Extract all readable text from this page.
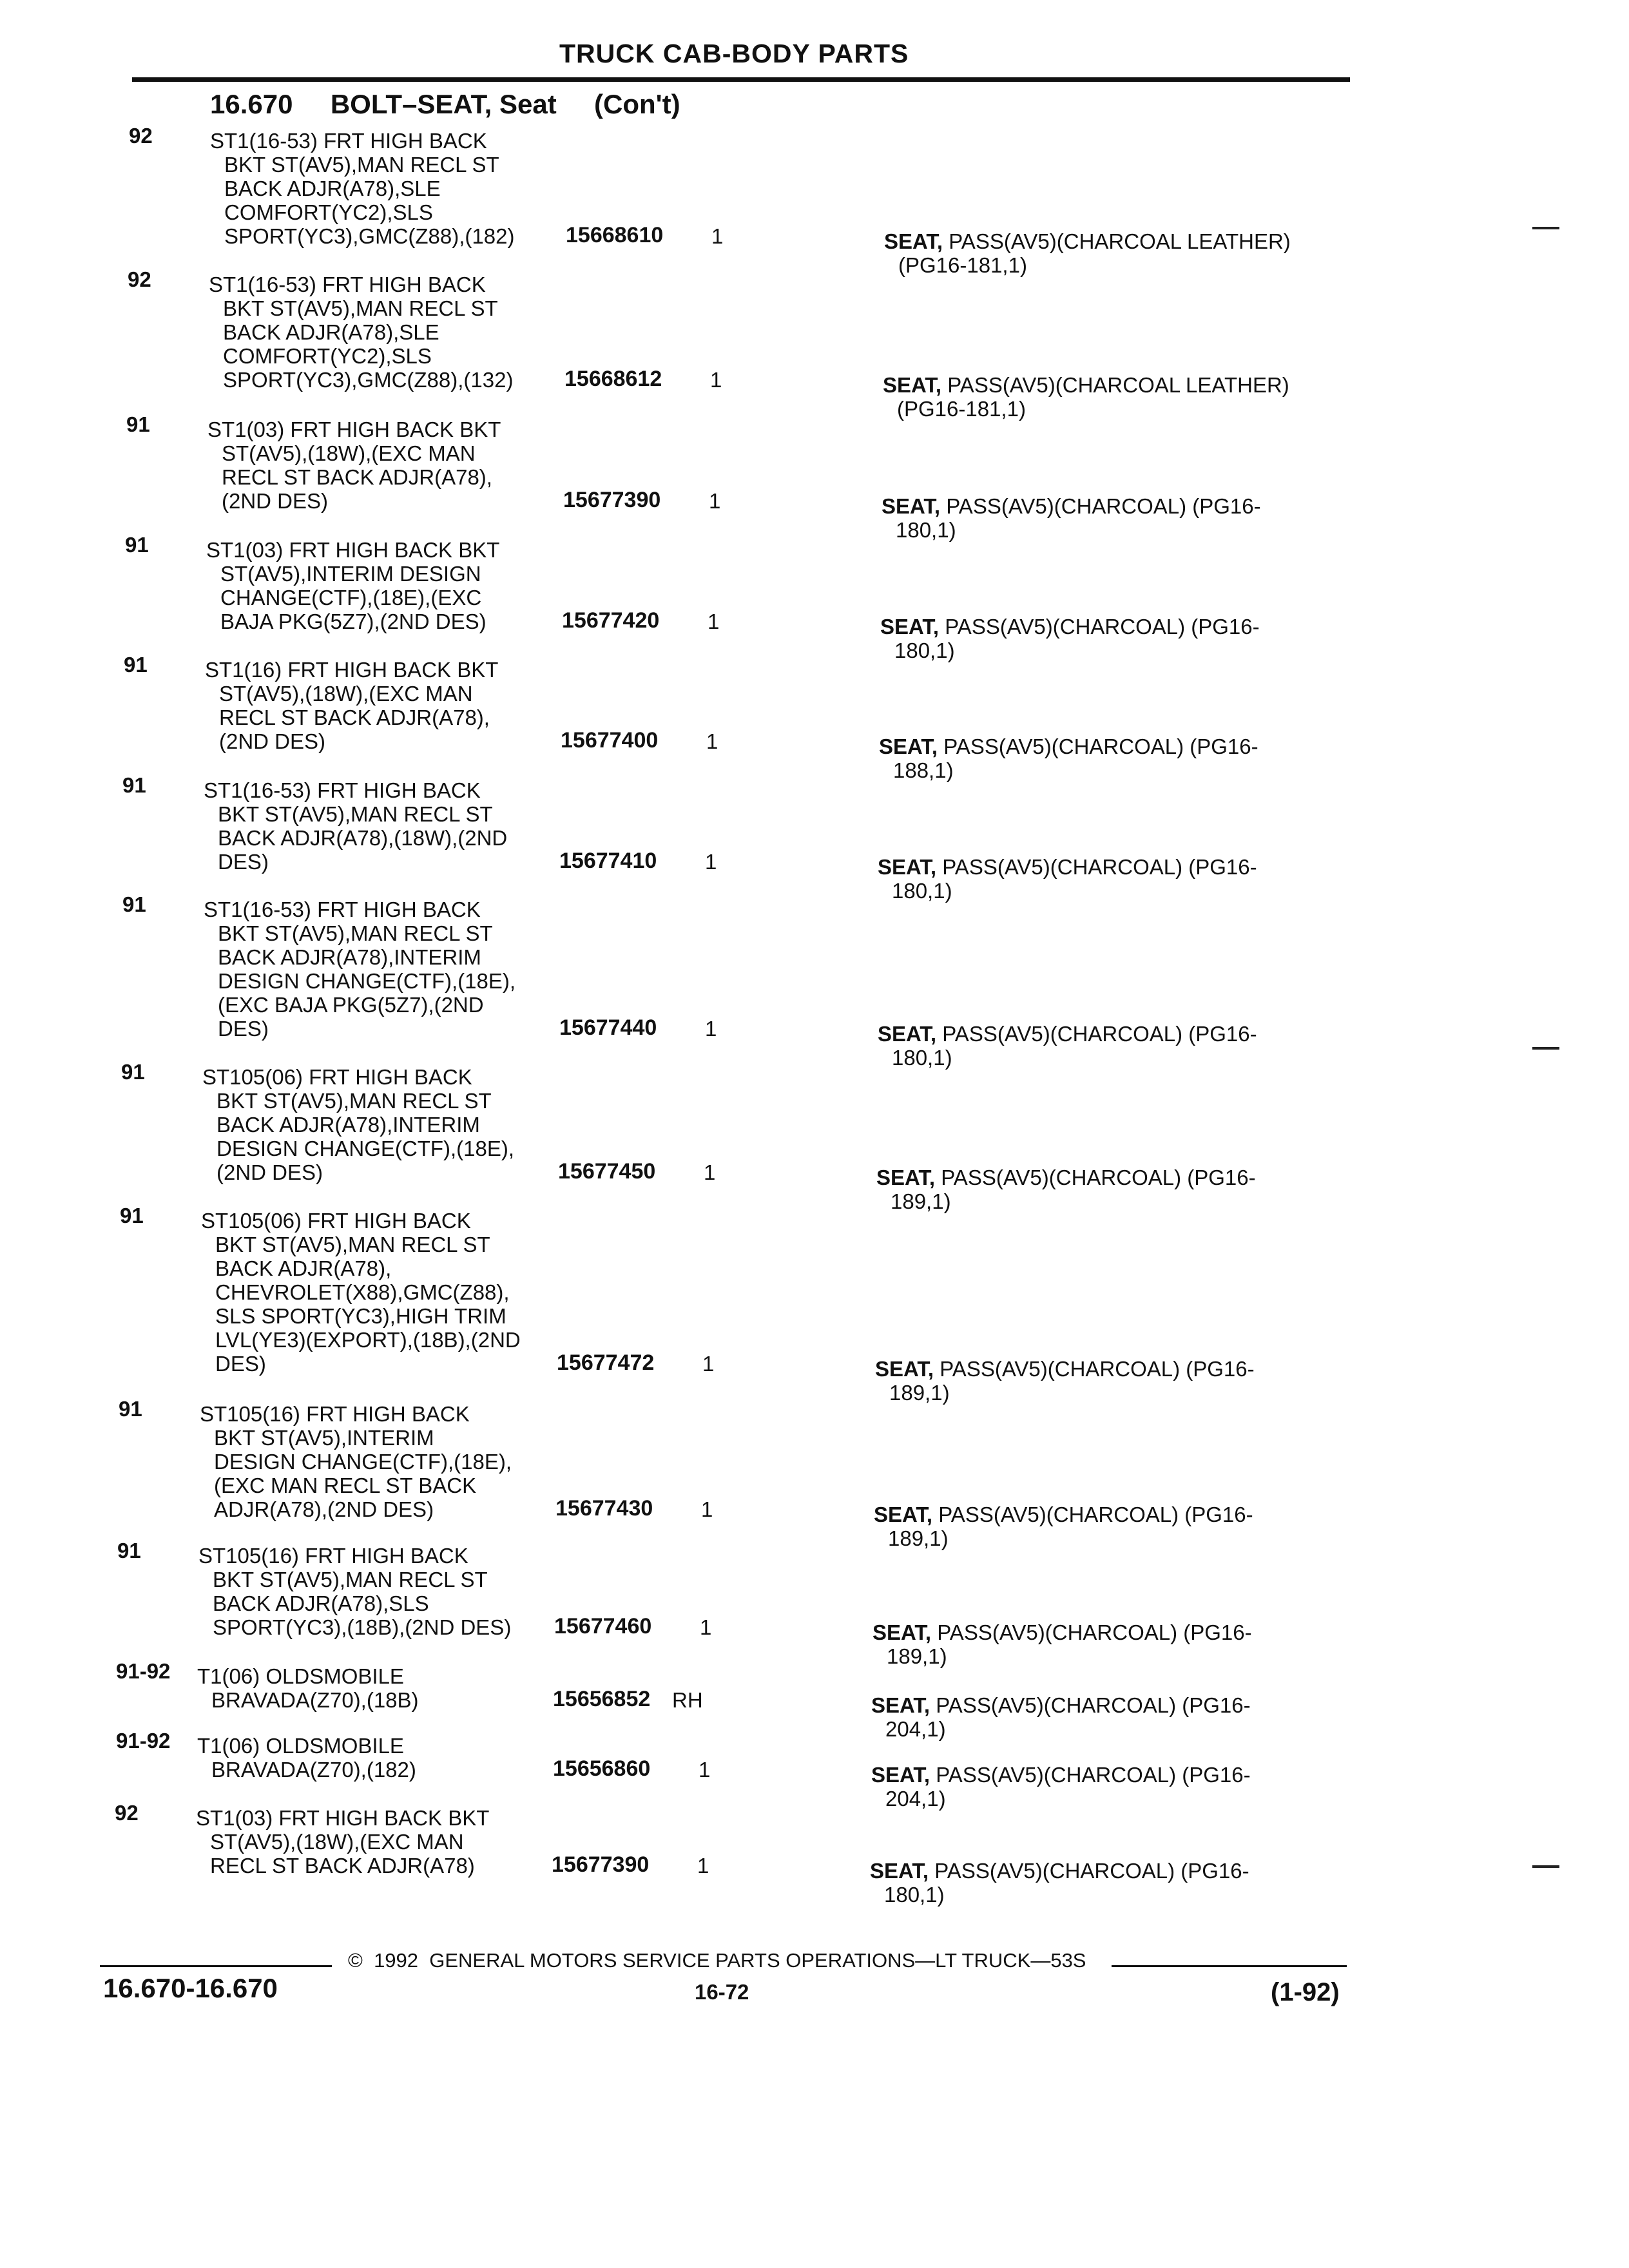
TRUCK CAB-BODY PARTS
16.670 BOLT–SEAT, Seat (Con't)
92	ST1(16-53) FRT HIGH BACK
BKT ST(AV5),MAN RECL ST
BACK ADJR(A78),SLE
COMFORT(YC2),SLS
SPORT(YC3),GMC(Z88),(182) 15668610 1	SEAT, PASS(AV5)(CHARCOAL LEATHER)
(PG16-181,1)
92	ST1(16-53) FRT HIGH BACK
BKT ST(AV5),MAN RECL ST
BACK ADJR(A78),SLE
COMFORT(YC2),SLS
SPORT(YC3),GMC(Z88),(132) 15668612 1	SEAT, PASS(AV5)(CHARCOAL LEATHER)
(PG16-181,1)
91	ST1(03) FRT HIGH BACK BKT
ST(AV5),(18W),(EXC MAN
RECL ST BACK ADJR(A78),
(2ND DES)	15677390 1	SEAT, PASS(AV5)(CHARCOAL) (PG16-
180,1)
91	ST1(03) FRT HIGH BACK BKT
ST(AV5),INTERIM DESIGN
CHANGE(CTF),(18E),(EXC
BAJA PKG(5Z7),(2ND DES)	15677420 1	SEAT, PASS(AV5)(CHARCOAL) (PG16-
180,1)
91	ST1(16) FRT HIGH BACK BKT
ST(AV5),(18W),(EXC MAN
RECL ST BACK ADJR(A78),
(2ND DES)	15677400 1	SEAT, PASS(AV5)(CHARCOAL) (PG16-
188,1)
91	ST1(16-53) FRT HIGH BACK
BKT ST(AV5),MAN RECL ST
BACK ADJR(A78),(18W),(2ND
DES)	15677410 1	SEAT, PASS(AV5)(CHARCOAL) (PG16-
180,1)
91	ST1(16-53) FRT HIGH BACK
BKT ST(AV5),MAN RECL ST
BACK ADJR(A78),INTERIM
DESIGN CHANGE(CTF),(18E),
(EXC BAJA PKG(5Z7),(2ND
DES)	15677440 1	SEAT, PASS(AV5)(CHARCOAL) (PG16-
180,1)
91	ST105(06) FRT HIGH BACK
BKT ST(AV5),MAN RECL ST
BACK ADJR(A78),INTERIM
DESIGN CHANGE(CTF),(18E),
(2ND DES)	15677450 1	SEAT, PASS(AV5)(CHARCOAL) (PG16-
189,1)
91	ST105(06) FRT HIGH BACK
BKT ST(AV5),MAN RECL ST
BACK ADJR(A78),
CHEVROLET(X88),GMC(Z88),
SLS SPORT(YC3),HIGH TRIM
LVL(YE3)(EXPORT),(18B),(2ND
DES)	15677472 1	SEAT, PASS(AV5)(CHARCOAL) (PG16-
189,1)
91	ST105(16) FRT HIGH BACK
BKT ST(AV5),INTERIM
DESIGN CHANGE(CTF),(18E),
(EXC MAN RECL ST BACK
ADJR(A78),(2ND DES)	15677430 1	SEAT, PASS(AV5)(CHARCOAL) (PG16-
189,1)
91	ST105(16) FRT HIGH BACK
BKT ST(AV5),MAN RECL ST
BACK ADJR(A78),SLS
SPORT(YC3),(18B),(2ND DES) 15677460 1	SEAT, PASS(AV5)(CHARCOAL) (PG16-
189,1)
91-92 T1(06) OLDSMOBILE
BRAVADA(Z70),(18B)	15656852 RH	SEAT, PASS(AV5)(CHARCOAL) (PG16-
204,1)
91-92 T1(06) OLDSMOBILE
BRAVADA(Z70),(182)	15656860 1	SEAT, PASS(AV5)(CHARCOAL) (PG16-
204,1)
92	ST1(03) FRT HIGH BACK BKT
ST(AV5),(18W),(EXC MAN
RECL ST BACK ADJR(A78)	15677390 1	SEAT, PASS(AV5)(CHARCOAL) (PG16-
180,1)
©  1992  GENERAL MOTORS SERVICE PARTS OPERATIONS—LT TRUCK—53S
16.670-16.670	16-72	(1-92)
